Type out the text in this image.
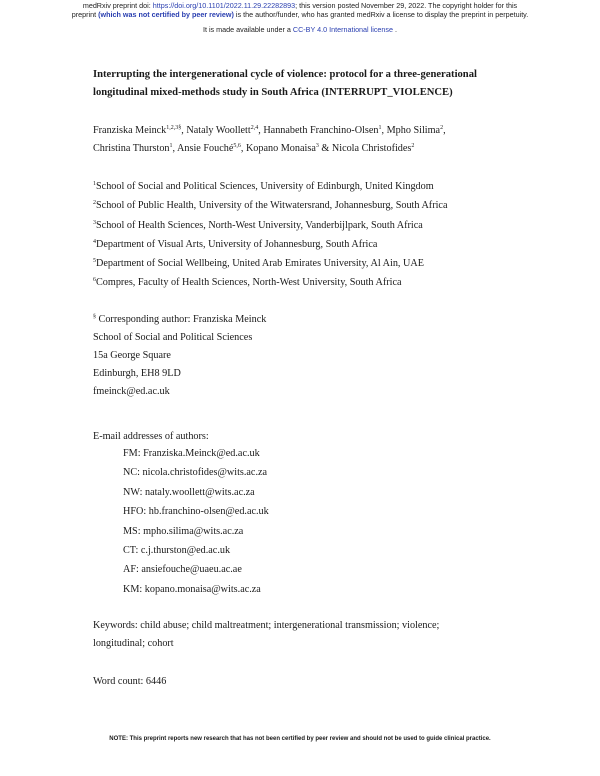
medRxiv preprint doi: https://doi.org/10.1101/2022.11.29.22282893; this version posted November 29, 2022. The copyright holder for this
preprint (which was not certified by peer review) is the author/funder, who has granted medRxiv a license to display the preprint in perpetuity.
It is made available under a CC-BY 4.0 International license .
Interrupting the intergenerational cycle of violence: protocol for a three-generational
longitudinal mixed-methods study in South Africa (INTERRUPT_VIOLENCE)
Franziska Meinck$^{1,2,3\S}$, Nataly Woollett$^{2,4}$, Hannabeth Franchino-Olsen$^1$, Mpho Silima$^2$,
Christina Thurston$^1$, Ansie Fouché$^{5,6}$, Kopano Monaisa$^3$ & Nicola Christofides$^2$
$^1$School of Social and Political Sciences, University of Edinburgh, United Kingdom
$^2$School of Public Health, University of the Witwatersrand, Johannesburg, South Africa
$^3$School of Health Sciences, North-West University, Vanderbijlpark, South Africa
$^4$Department of Visual Arts, University of Johannesburg, South Africa
$^5$Department of Social Wellbeing, United Arab Emirates University, Al Ain, UAE
$^6$Compres, Faculty of Health Sciences, North-West University, South Africa
§ Corresponding author: Franziska Meinck
School of Social and Political Sciences
15a George Square
Edinburgh, EH8 9LD
fmeinck@ed.ac.uk
E-mail addresses of authors:
FM: Franziska.Meinck@ed.ac.uk
NC: nicola.christofides@wits.ac.za
NW: nataly.woollett@wits.ac.za
HFO: hb.franchino-olsen@ed.ac.uk
MS: mpho.silima@wits.ac.za
CT: c.j.thurston@ed.ac.uk
AF: ansiefouche@uaeu.ac.ae
KM: kopano.monaisa@wits.ac.za
Keywords: child abuse; child maltreatment; intergenerational transmission; violence;
longitudinal; cohort
Word count: 6446
NOTE: This preprint reports new research that has not been certified by peer review and should not be used to guide clinical practice.
